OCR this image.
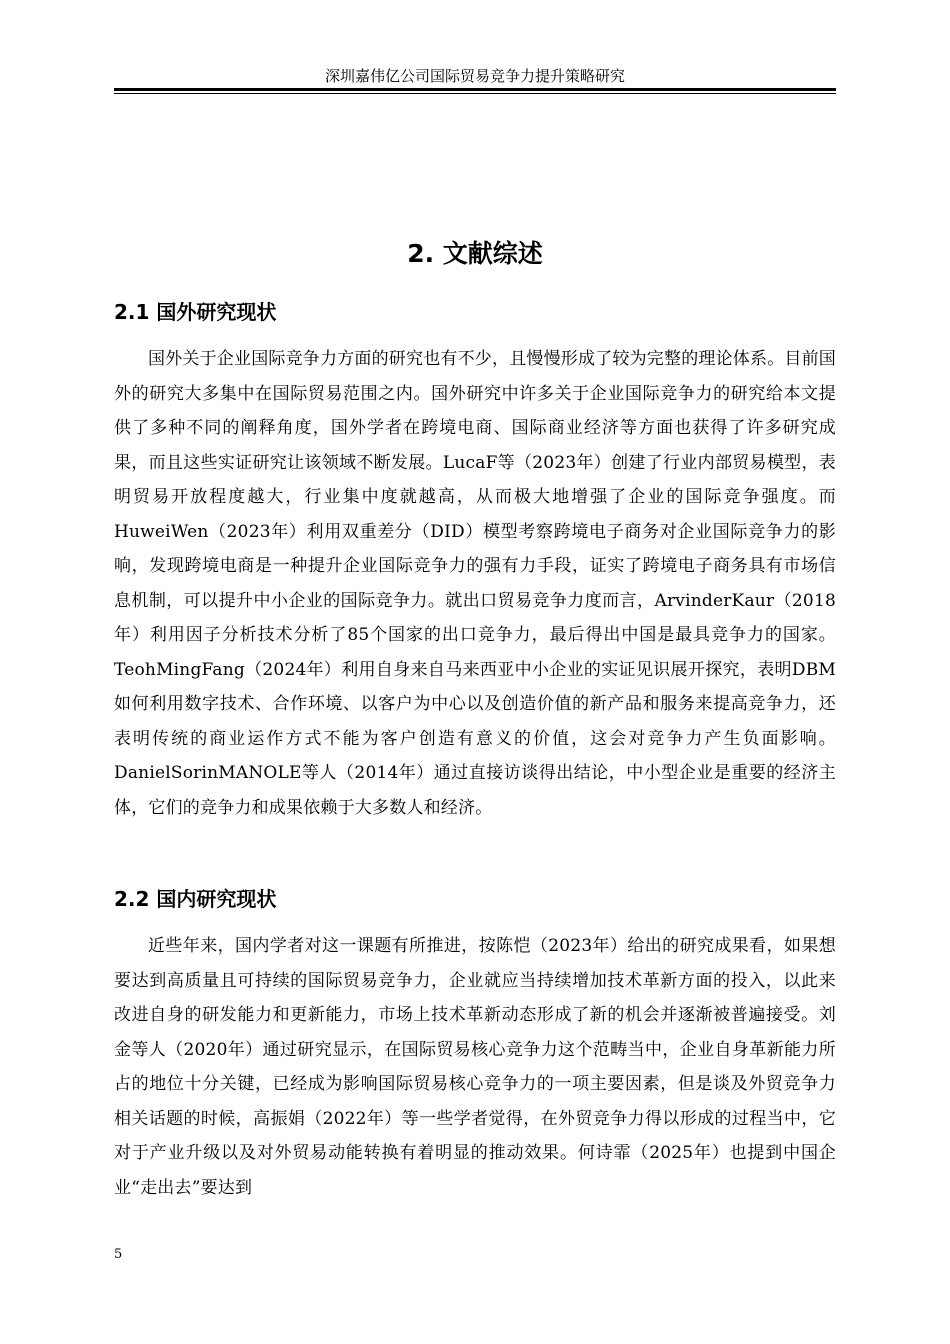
深圳嘉伟亿公司国际贸易竞争力提升策略研究
2. 文献综述
2.1 国外研究现状

国外关于企业国际竞争力方面的研究也有不少，且慢慢形成了较为完整的理论体系。目前国外的研究大多集中在国际贸易范围之内。国外研究中许多关于企业国际竞争力的研究给本文提供了多种不同的阐释角度，国外学者在跨境电商、国际商业经济等方面也获得了许多研究成果，而且这些实证研究让该领域不断发展。LucaF等（2023年）创建了行业内部贸易模型，表明贸易开放程度越大，行业集中度就越高，从而极大地增强了企业的国际竞争强度。而HuweiWen（2023年）利用双重差分（DID）模型考察跨境电子商务对企业国际竞争力的影响，发现跨境电商是一种提升企业国际竞争力的强有力手段，证实了跨境电子商务具有市场信息机制，可以提升中小企业的国际竞争力。就出口贸易竞争力度而言，ArvinderKaur（2018年）利用因子分析技术分析了85个国家的出口竞争力，最后得出中国是最具竞争力的国家。TeohMingFang（2024年）利用自身来自马来西亚中小企业的实证见识展开探究，表明DBM如何利用数字技术、合作环境、以客户为中心以及创造价值的新产品和服务来提高竞争力，还表明传统的商业运作方式不能为客户创造有意义的价值，这会对竞争力产生负面影响。DanielSorinMANOLE等人（2014年）通过直接访谈得出结论，中小型企业是重要的经济主体，它们的竞争力和成果依赖于大多数人和经济。

2.2 国内研究现状

近些年来，国内学者对这一课题有所推进，按陈恺（2023年）给出的研究成果看，如果想要达到高质量且可持续的国际贸易竞争力，企业就应当持续增加技术革新方面的投入，以此来改进自身的研发能力和更新能力，市场上技术革新动态形成了新的机会并逐渐被普遍接受。刘金等人（2020年）通过研究显示，在国际贸易核心竞争力这个范畴当中，企业自身革新能力所占的地位十分关键，已经成为影响国际贸易核心竞争力的一项主要因素，但是谈及外贸竞争力相关话题的时候，高振娟（2022年）等一些学者觉得，在外贸竞争力得以形成的过程当中，它对于产业升级以及对外贸易动能转换有着明显的推动效果。何诗霏（2025年）也提到中国企业“走出去”要达到

5
